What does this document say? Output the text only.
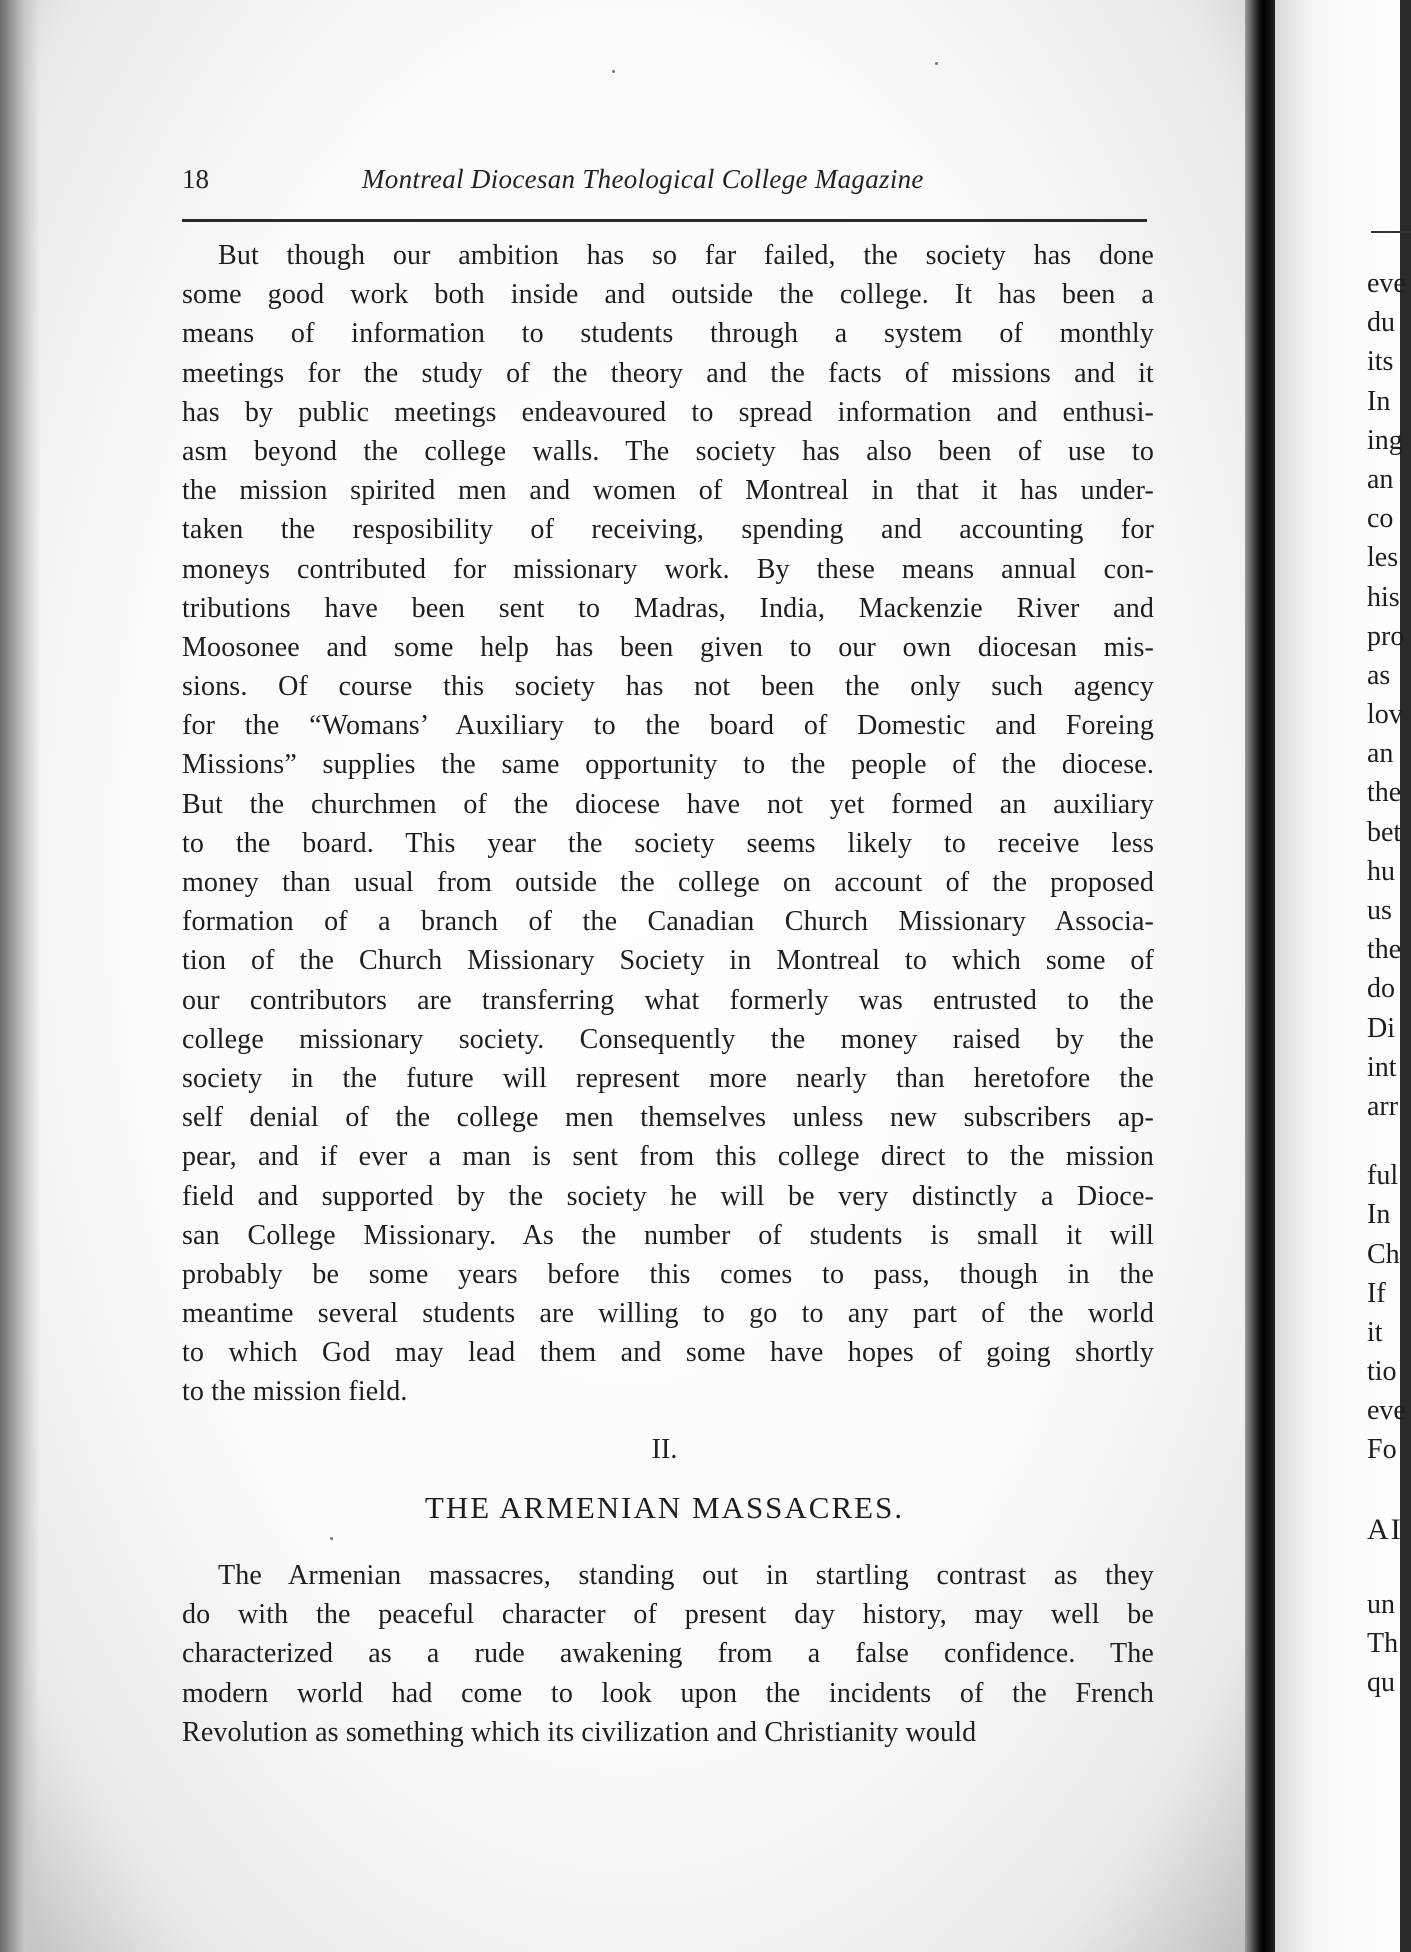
18	Montreal Diocesan Theological College Magazine
But though our ambition has so far failed, the society has done
some good work both inside and outside the college. It has been a
means of information to students through a system of monthly
meetings for the study of the theory and the facts of missions and it
has by public meetings endeavoured to spread information and enthusi-
asm beyond the college walls. The society has also been of use to
the mission spirited men and women of Montreal in that it has under-
taken the resposibility of receiving, spending and accounting for
moneys contributed for missionary work. By these means annual con-
tributions have been sent to Madras, India, Mackenzie River and
Moosonee and some help has been given to our own diocesan mis-
sions. Of course this society has not been the only such agency
for the “Womans’ Auxiliary to the board of Domestic and Foreing
Missions” supplies the same opportunity to the people of the diocese.
But the churchmen of the diocese have not yet formed an auxiliary
to the board. This year the society seems likely to receive less
money than usual from outside the college on account of the proposed
formation of a branch of the Canadian Church Missionary Associa-
tion of the Church Missionary Society in Montreal to which some of
our contributors are transferring what formerly was entrusted to the
college missionary society. Consequently the money raised by the
society in the future will represent more nearly than heretofore the
self denial of the college men themselves unless new subscribers ap-
pear, and if ever a man is sent from this college direct to the mission
field and supported by the society he will be very distinctly a Dioce-
san College Missionary. As the number of students is small it will
probably be some years before this comes to pass, though in the
meantime several students are willing to go to any part of the world
to which God may lead them and some have hopes of going shortly
to the mission field.
II.
THE ARMENIAN MASSACRES.
The Armenian massacres, standing out in startling contrast as they
do with the peaceful character of present day history, may well be
characterized as a rude awakening from a false confidence. The
modern world had come to look upon the incidents of the French
Revolution as something which its civilization and Christianity would
eve
du
its
In
ing
an
co
les
his
pro
as
lov
an
the
bet
hu
us
the
do
Di
int
arr
ful
In
Ch
If
it
tio
eve
Fo
AI
un
Th
qu
